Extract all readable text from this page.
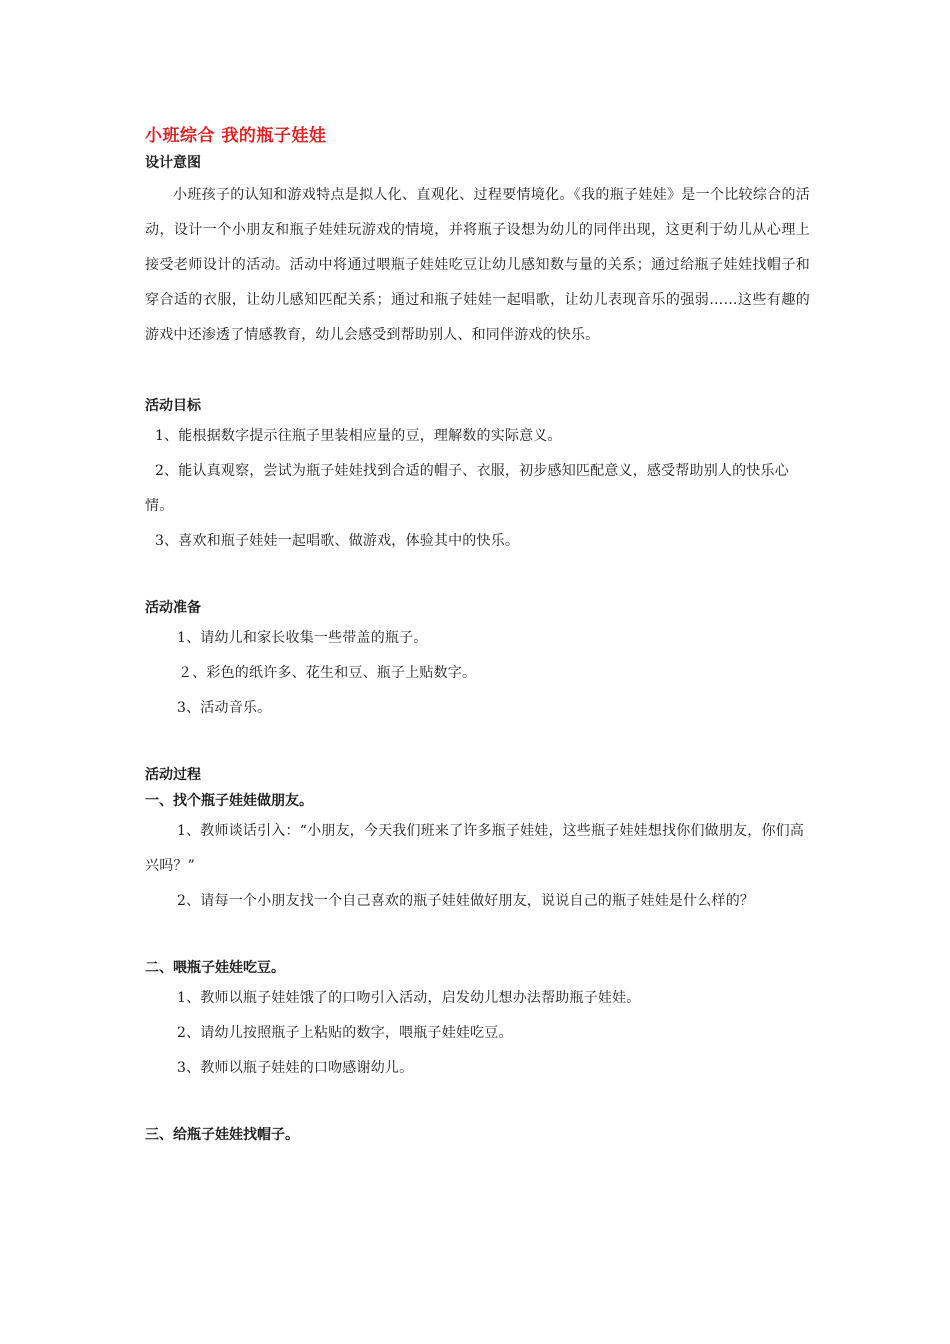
小班综合 我的瓶子娃娃
设计意图

小班孩子的认知和游戏特点是拟人化、直观化、过程要情境化。《我的瓶子娃娃》是一个比较综合的活动，设计一个小朋友和瓶子娃娃玩游戏的情境，并将瓶子设想为幼儿的同伴出现，这更利于幼儿从心理上接受老师设计的活动。活动中将通过喂瓶子娃娃吃豆让幼儿感知数与量的关系；通过给瓶子娃娃找帽子和穿合适的衣服，让幼儿感知匹配关系；通过和瓶子娃娃一起唱歌，让幼儿表现音乐的强弱……这些有趣的游戏中还渗透了情感教育，幼儿会感受到帮助别人、和同伴游戏的快乐。

活动目标

1、能根据数字提示往瓶子里装相应量的豆，理解数的实际意义。

2、能认真观察，尝试为瓶子娃娃找到合适的帽子、衣服，初步感知匹配意义，感受帮助别人的快乐心情。

3、喜欢和瓶子娃娃一起唱歌、做游戏，体验其中的快乐。

活动准备

1、请幼儿和家长收集一些带盖的瓶子。

２、彩色的纸许多、花生和豆、瓶子上贴数字。

3、活动音乐。

活动过程
一、找个瓶子娃娃做朋友。

1、教师谈话引入：“小朋友，今天我们班来了许多瓶子娃娃，这些瓶子娃娃想找你们做朋友，你们高兴吗？”

2、请每一个小朋友找一个自己喜欢的瓶子娃娃做好朋友，说说自己的瓶子娃娃是什么样的？

二、喂瓶子娃娃吃豆。

1、教师以瓶子娃娃饿了的口吻引入活动，启发幼儿想办法帮助瓶子娃娃。

2、请幼儿按照瓶子上粘贴的数字，喂瓶子娃娃吃豆。

3、教师以瓶子娃娃的口吻感谢幼儿。

三、给瓶子娃娃找帽子。
